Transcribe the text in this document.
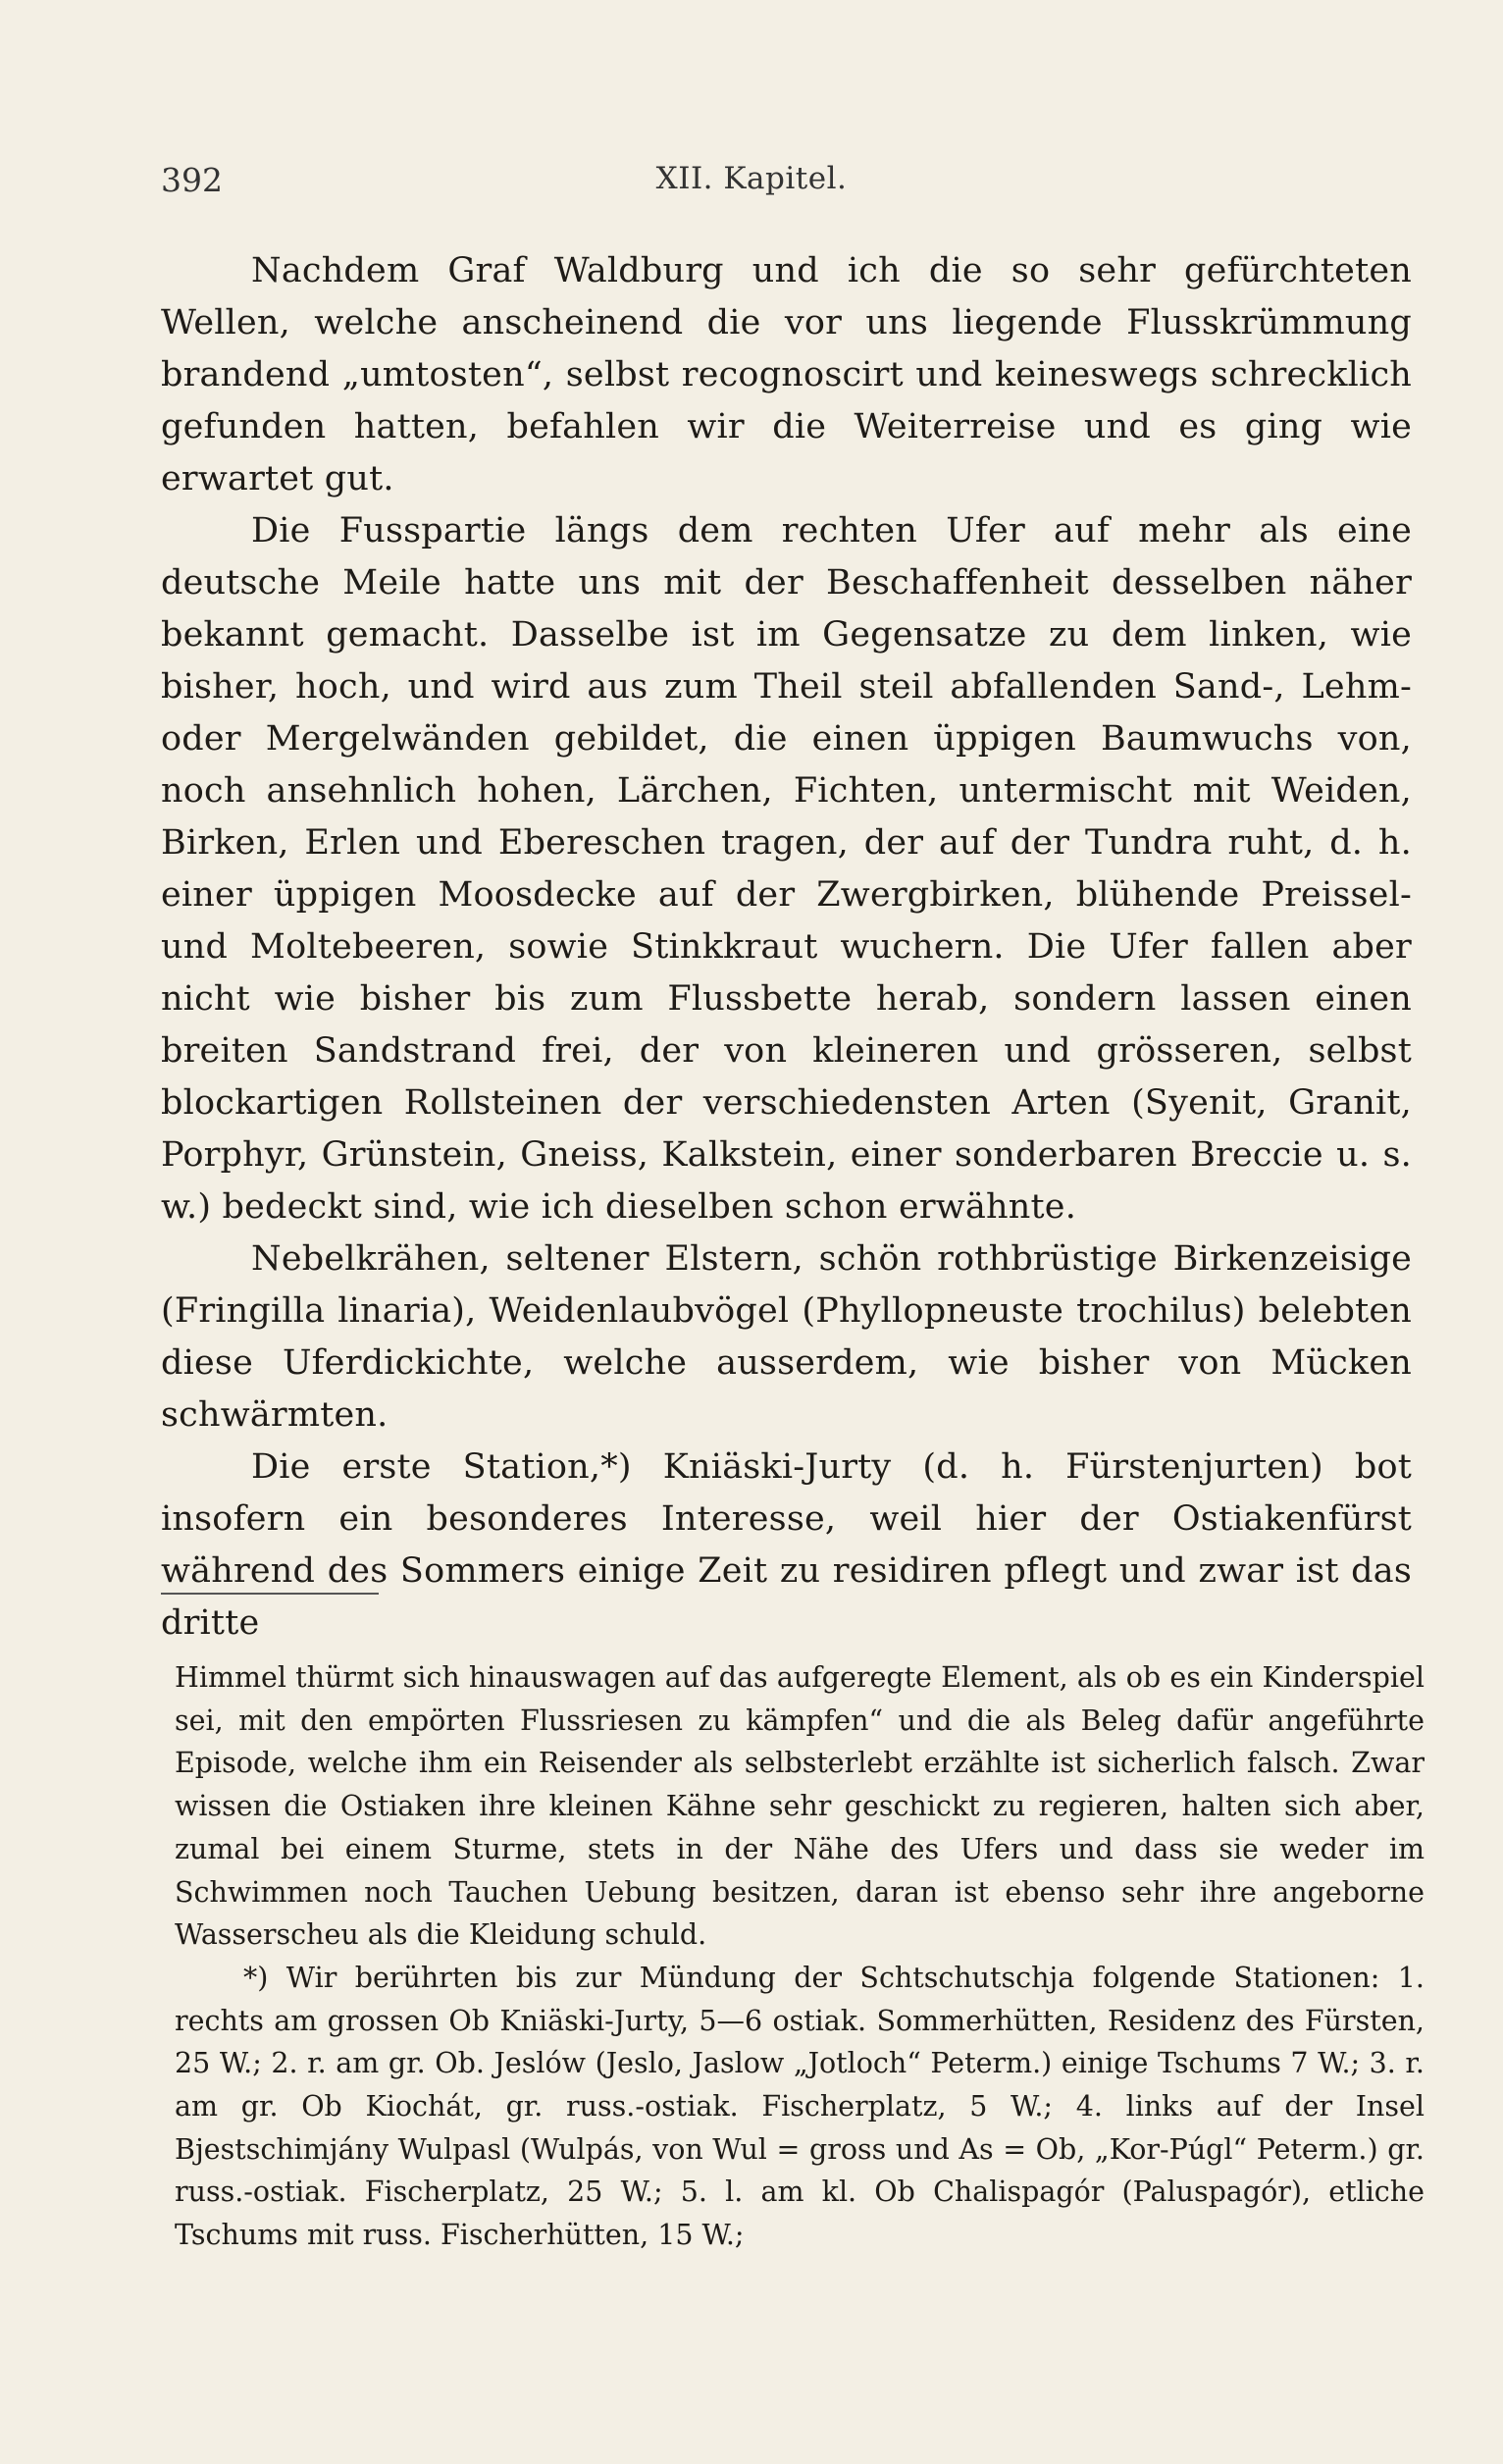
392	XII. Kapitel.

Nachdem Graf Waldburg und ich die so sehr gefürchteten Wellen, welche anscheinend die vor uns liegende Flusskrümmung brandend „umtosten“, selbst recognoscirt und keineswegs schrecklich gefunden hatten, befahlen wir die Weiterreise und es ging wie erwartet gut.

Die Fusspartie längs dem rechten Ufer auf mehr als eine deutsche Meile hatte uns mit der Beschaffenheit desselben näher bekannt gemacht. Dasselbe ist im Gegensatze zu dem linken, wie bisher, hoch, und wird aus zum Theil steil abfallenden Sand-, Lehm- oder Mergelwänden gebildet, die einen üppigen Baumwuchs von, noch ansehnlich hohen, Lärchen, Fichten, untermischt mit Weiden, Birken, Erlen und Ebereschen tragen, der auf der Tundra ruht, d. h. einer üppigen Moosdecke auf der Zwergbirken, blühende Preissel- und Moltebeeren, sowie Stinkkraut wuchern. Die Ufer fallen aber nicht wie bisher bis zum Flussbette herab, sondern lassen einen breiten Sandstrand frei, der von kleineren und grösseren, selbst blockartigen Rollsteinen der verschiedensten Arten (Syenit, Granit, Porphyr, Grünstein, Gneiss, Kalkstein, einer sonderbaren Breccie u. s. w.) bedeckt sind, wie ich dieselben schon erwähnte.

Nebelkrähen, seltener Elstern, schön rothbrüstige Birkenzeisige (Fringilla linaria), Weidenlaubvögel (Phyllopneuste trochilus) belebten diese Uferdickichte, welche ausserdem, wie bisher von Mücken schwärmten.

Die erste Station,*) Kniäski-Jurty (d. h. Fürstenjurten) bot insofern ein besonderes Interesse, weil hier der Ostiakenfürst während des Sommers einige Zeit zu residiren pflegt und zwar ist das dritte

Himmel thürmt sich hinauswagen auf das aufgeregte Element, als ob es ein Kinderspiel sei, mit den empörten Flussriesen zu kämpfen“ und die als Beleg dafür angeführte Episode, welche ihm ein Reisender als selbsterlebt erzählte ist sicherlich falsch. Zwar wissen die Ostiaken ihre kleinen Kähne sehr geschickt zu regieren, halten sich aber, zumal bei einem Sturme, stets in der Nähe des Ufers und dass sie weder im Schwimmen noch Tauchen Uebung besitzen, daran ist ebenso sehr ihre angeborne Wasserscheu als die Kleidung schuld.

*) Wir berührten bis zur Mündung der Schtschutschja folgende Stationen: 1. rechts am grossen Ob Kniäski-Jurty, 5—6 ostiak. Sommerhütten, Residenz des Fürsten, 25 W.; 2. r. am gr. Ob. Jeslów (Jeslo, Jaslow „Jotloch“ Peterm.) einige Tschums 7 W.; 3. r. am gr. Ob Kiochát, gr. russ.-ostiak. Fischerplatz, 5 W.; 4. links auf der Insel Bjestschimjány Wulpasl (Wulpás, von Wul = gross und As = Ob, „Kor-Púgl“ Peterm.) gr. russ.-ostiak. Fischerplatz, 25 W.; 5. l. am kl. Ob Chalispagór (Paluspagór), etliche Tschums mit russ. Fischerhütten, 15 W.;
